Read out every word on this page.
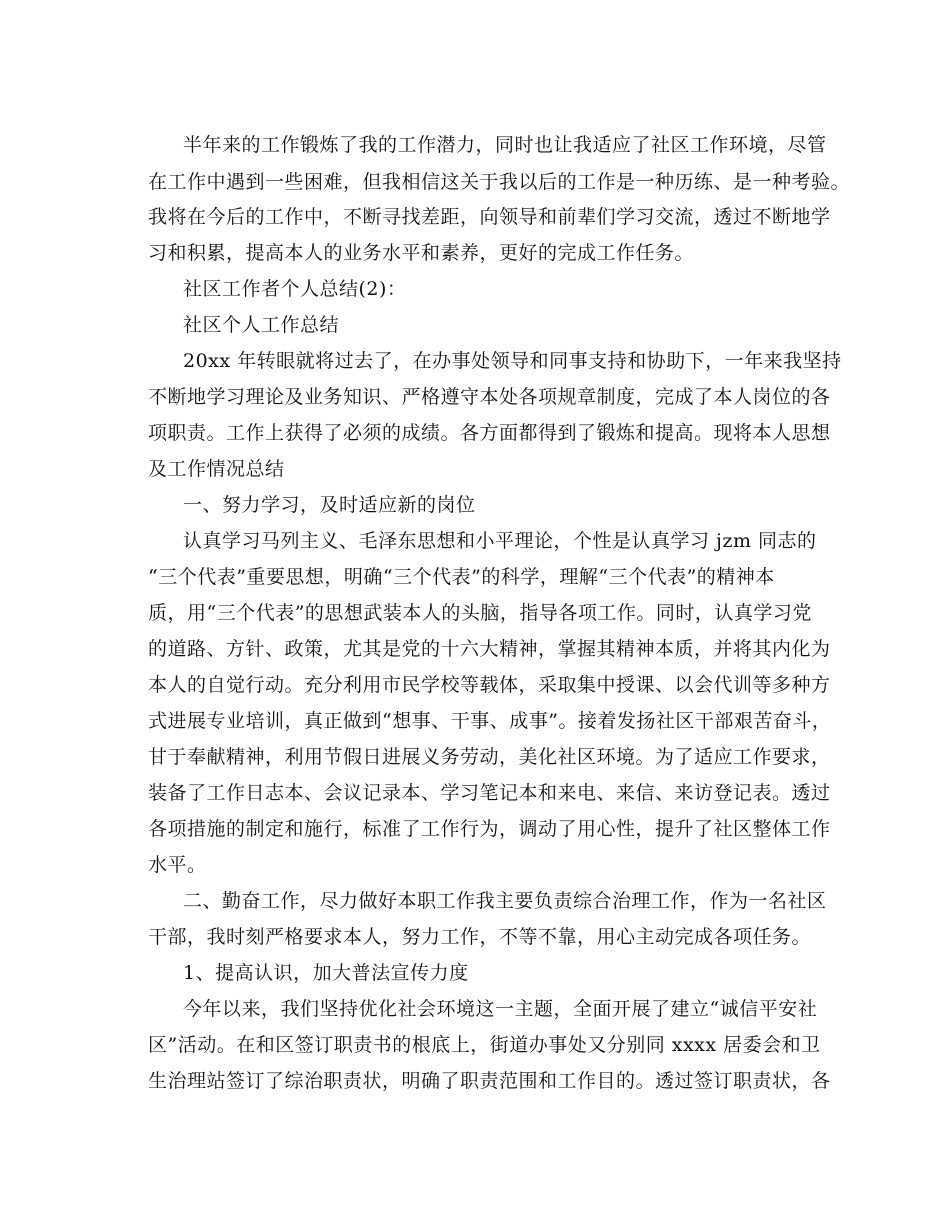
半年来的工作锻炼了我的工作潜力，同时也让我适应了社区工作环境，尽管

在工作中遇到一些困难，但我相信这关于我以后的工作是一种历练、是一种考验。

我将在今后的工作中，不断寻找差距，向领导和前辈们学习交流，透过不断地学

习和积累，提高本人的业务水平和素养，更好的完成工作任务。

社区工作者个人总结(2)：

社区个人工作总结

20xx 年转眼就将过去了，在办事处领导和同事支持和协助下，一年来我坚持

不断地学习理论及业务知识、严格遵守本处各项规章制度，完成了本人岗位的各

项职责。工作上获得了必须的成绩。各方面都得到了锻炼和提高。现将本人思想

及工作情况总结

一、努力学习，及时适应新的岗位

认真学习马列主义、毛泽东思想和小平理论，个性是认真学习 jzm 同志的

“三个代表”重要思想，明确“三个代表”的科学，理解“三个代表”的精神本

质，用“三个代表”的思想武装本人的头脑，指导各项工作。同时，认真学习党

的道路、方针、政策，尤其是党的十六大精神，掌握其精神本质，并将其内化为

本人的自觉行动。充分利用市民学校等载体，采取集中授课、以会代训等多种方

式进展专业培训，真正做到“想事、干事、成事”。接着发扬社区干部艰苦奋斗，

甘于奉献精神，利用节假日进展义务劳动，美化社区环境。为了适应工作要求，

装备了工作日志本、会议记录本、学习笔记本和来电、来信、来访登记表。透过

各项措施的制定和施行，标准了工作行为，调动了用心性，提升了社区整体工作

水平。

二、勤奋工作，尽力做好本职工作我主要负责综合治理工作，作为一名社区

干部，我时刻严格要求本人，努力工作，不等不靠，用心主动完成各项任务。

1、提高认识，加大普法宣传力度

今年以来，我们坚持优化社会环境这一主题，全面开展了建立“诚信平安社

区”活动。在和区签订职责书的根底上，街道办事处又分别同 xxxx 居委会和卫

生治理站签订了综治职责状，明确了职责范围和工作目的。透过签订职责状，各
